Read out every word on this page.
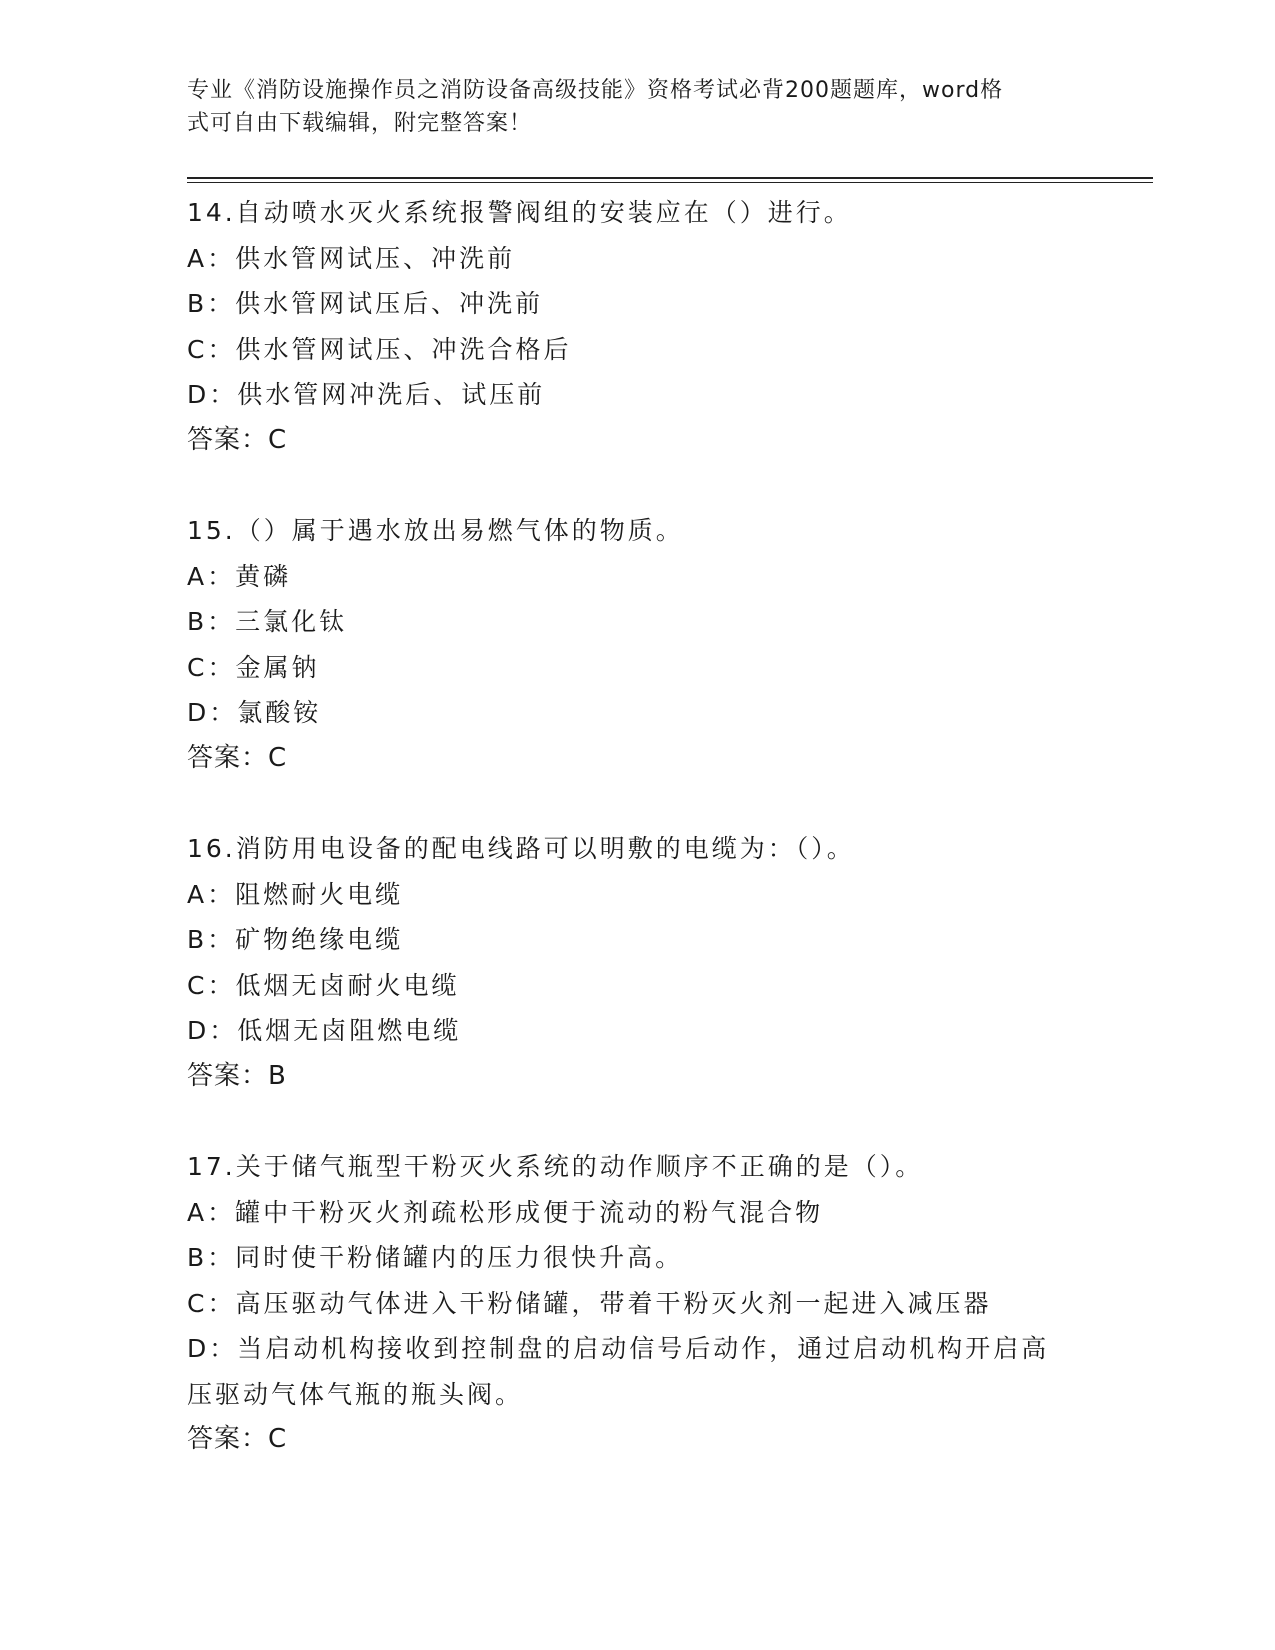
专业《消防设施操作员之消防设备高级技能》资格考试必背200题题库，word格
式可自由下载编辑，附完整答案！
14.自动喷水灭火系统报警阀组的安装应在（）进行。
A：供水管网试压、冲洗前
B：供水管网试压后、冲洗前
C：供水管网试压、冲洗合格后
D：供水管网冲洗后、试压前
答案：C
15.（）属于遇水放出易燃气体的物质。
A：黄磷
B：三氯化钛
C：金属钠
D：氯酸铵
答案：C
16.消防用电设备的配电线路可以明敷的电缆为：（）。
A：阻燃耐火电缆
B：矿物绝缘电缆
C：低烟无卤耐火电缆
D：低烟无卤阻燃电缆
答案：B
17.关于储气瓶型干粉灭火系统的动作顺序不正确的是（）。
A：罐中干粉灭火剂疏松形成便于流动的粉气混合物
B：同时使干粉储罐内的压力很快升高。
C：高压驱动气体进入干粉储罐，带着干粉灭火剂一起进入减压器
D：当启动机构接收到控制盘的启动信号后动作，通过启动机构开启高
压驱动气体气瓶的瓶头阀。
答案：C
